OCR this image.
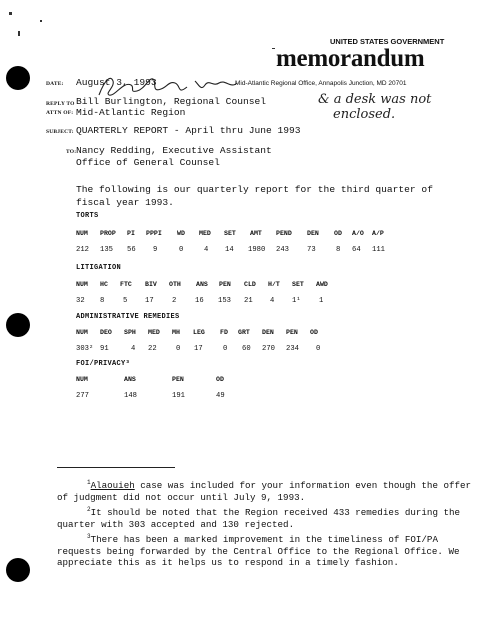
UNITED STATES GOVERNMENT
memorandum
Mid-Atlantic Regional Office, Annapolis Junction, MD 20701
DATE: August 3, 1993
REPLY TO
ATTN OF:
Bill Burlington, Regional Counsel
Mid-Atlantic Region
& a desk was not
enclosed.
SUBJECT: QUARTERLY REPORT - April thru June 1993
TO: Nancy Redding, Executive Assistant
Office of General Counsel
The following is our quarterly report for the third quarter of fiscal year 1993.
TORTS
NUM PROP PI PPPI WD MED SET AMT PEND DEN OD A/O A/P
212 135 56 9	0	4 14 1980 243	73	8 64 111
LITIGATION
NUM HC FTC BIV OTH ANS PEN CLD H/T SET AWD
32 8	5 17	2	16 153 21 4 1¹	1
ADMINISTRATIVE REMEDIES
NUM DEO SPH MED MH LEG FD GRT DEN PEN OD
303² 91	4 22	0 17	0 60 270 234 0
FOI/PRIVACY³
NUM	ANS	PEN	OD
277	148	191	49
$^1$Alaouieh case was included for your information even though the offer of judgment did not occur until July 9, 1993.
$^2$It should be noted that the Region received 433 remedies during the quarter with 303 accepted and 130 rejected.
$^3$There has been a marked improvement in the timeliness of FOI/PA requests being forwarded by the Central Office to the Regional Office. We appreciate this as it helps us to respond in a timely fashion.
